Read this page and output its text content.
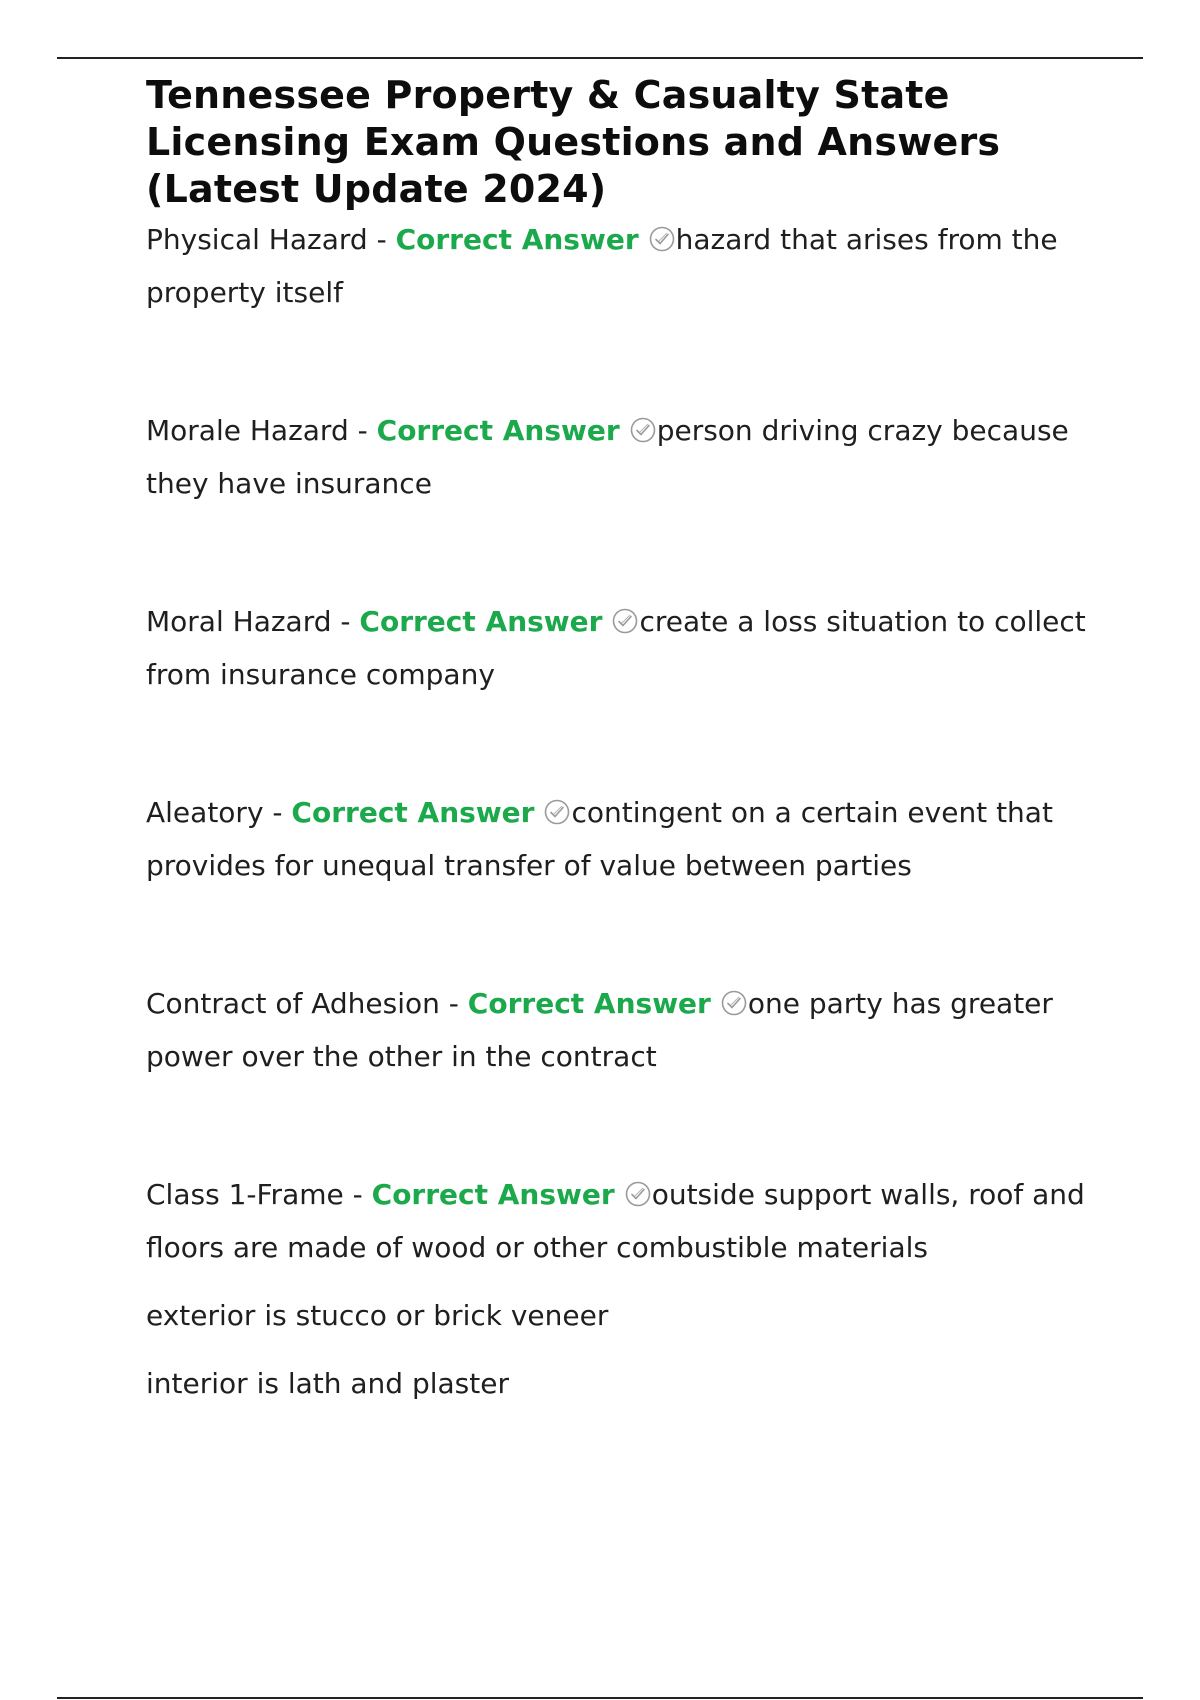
Tennessee Property & Casualty State Licensing Exam Questions and Answers (Latest Update 2024)
Physical Hazard - Correct Answer hazard that arises from the property itself
Morale Hazard - Correct Answer person driving crazy because they have insurance
Moral Hazard - Correct Answer create a loss situation to collect from insurance company
Aleatory - Correct Answer contingent on a certain event that provides for unequal transfer of value between parties
Contract of Adhesion - Correct Answer one party has greater power over the other in the contract
Class 1-Frame - Correct Answer outside support walls, roof and floors are made of wood or other combustible materials
exterior is stucco or brick veneer
interior is lath and plaster
